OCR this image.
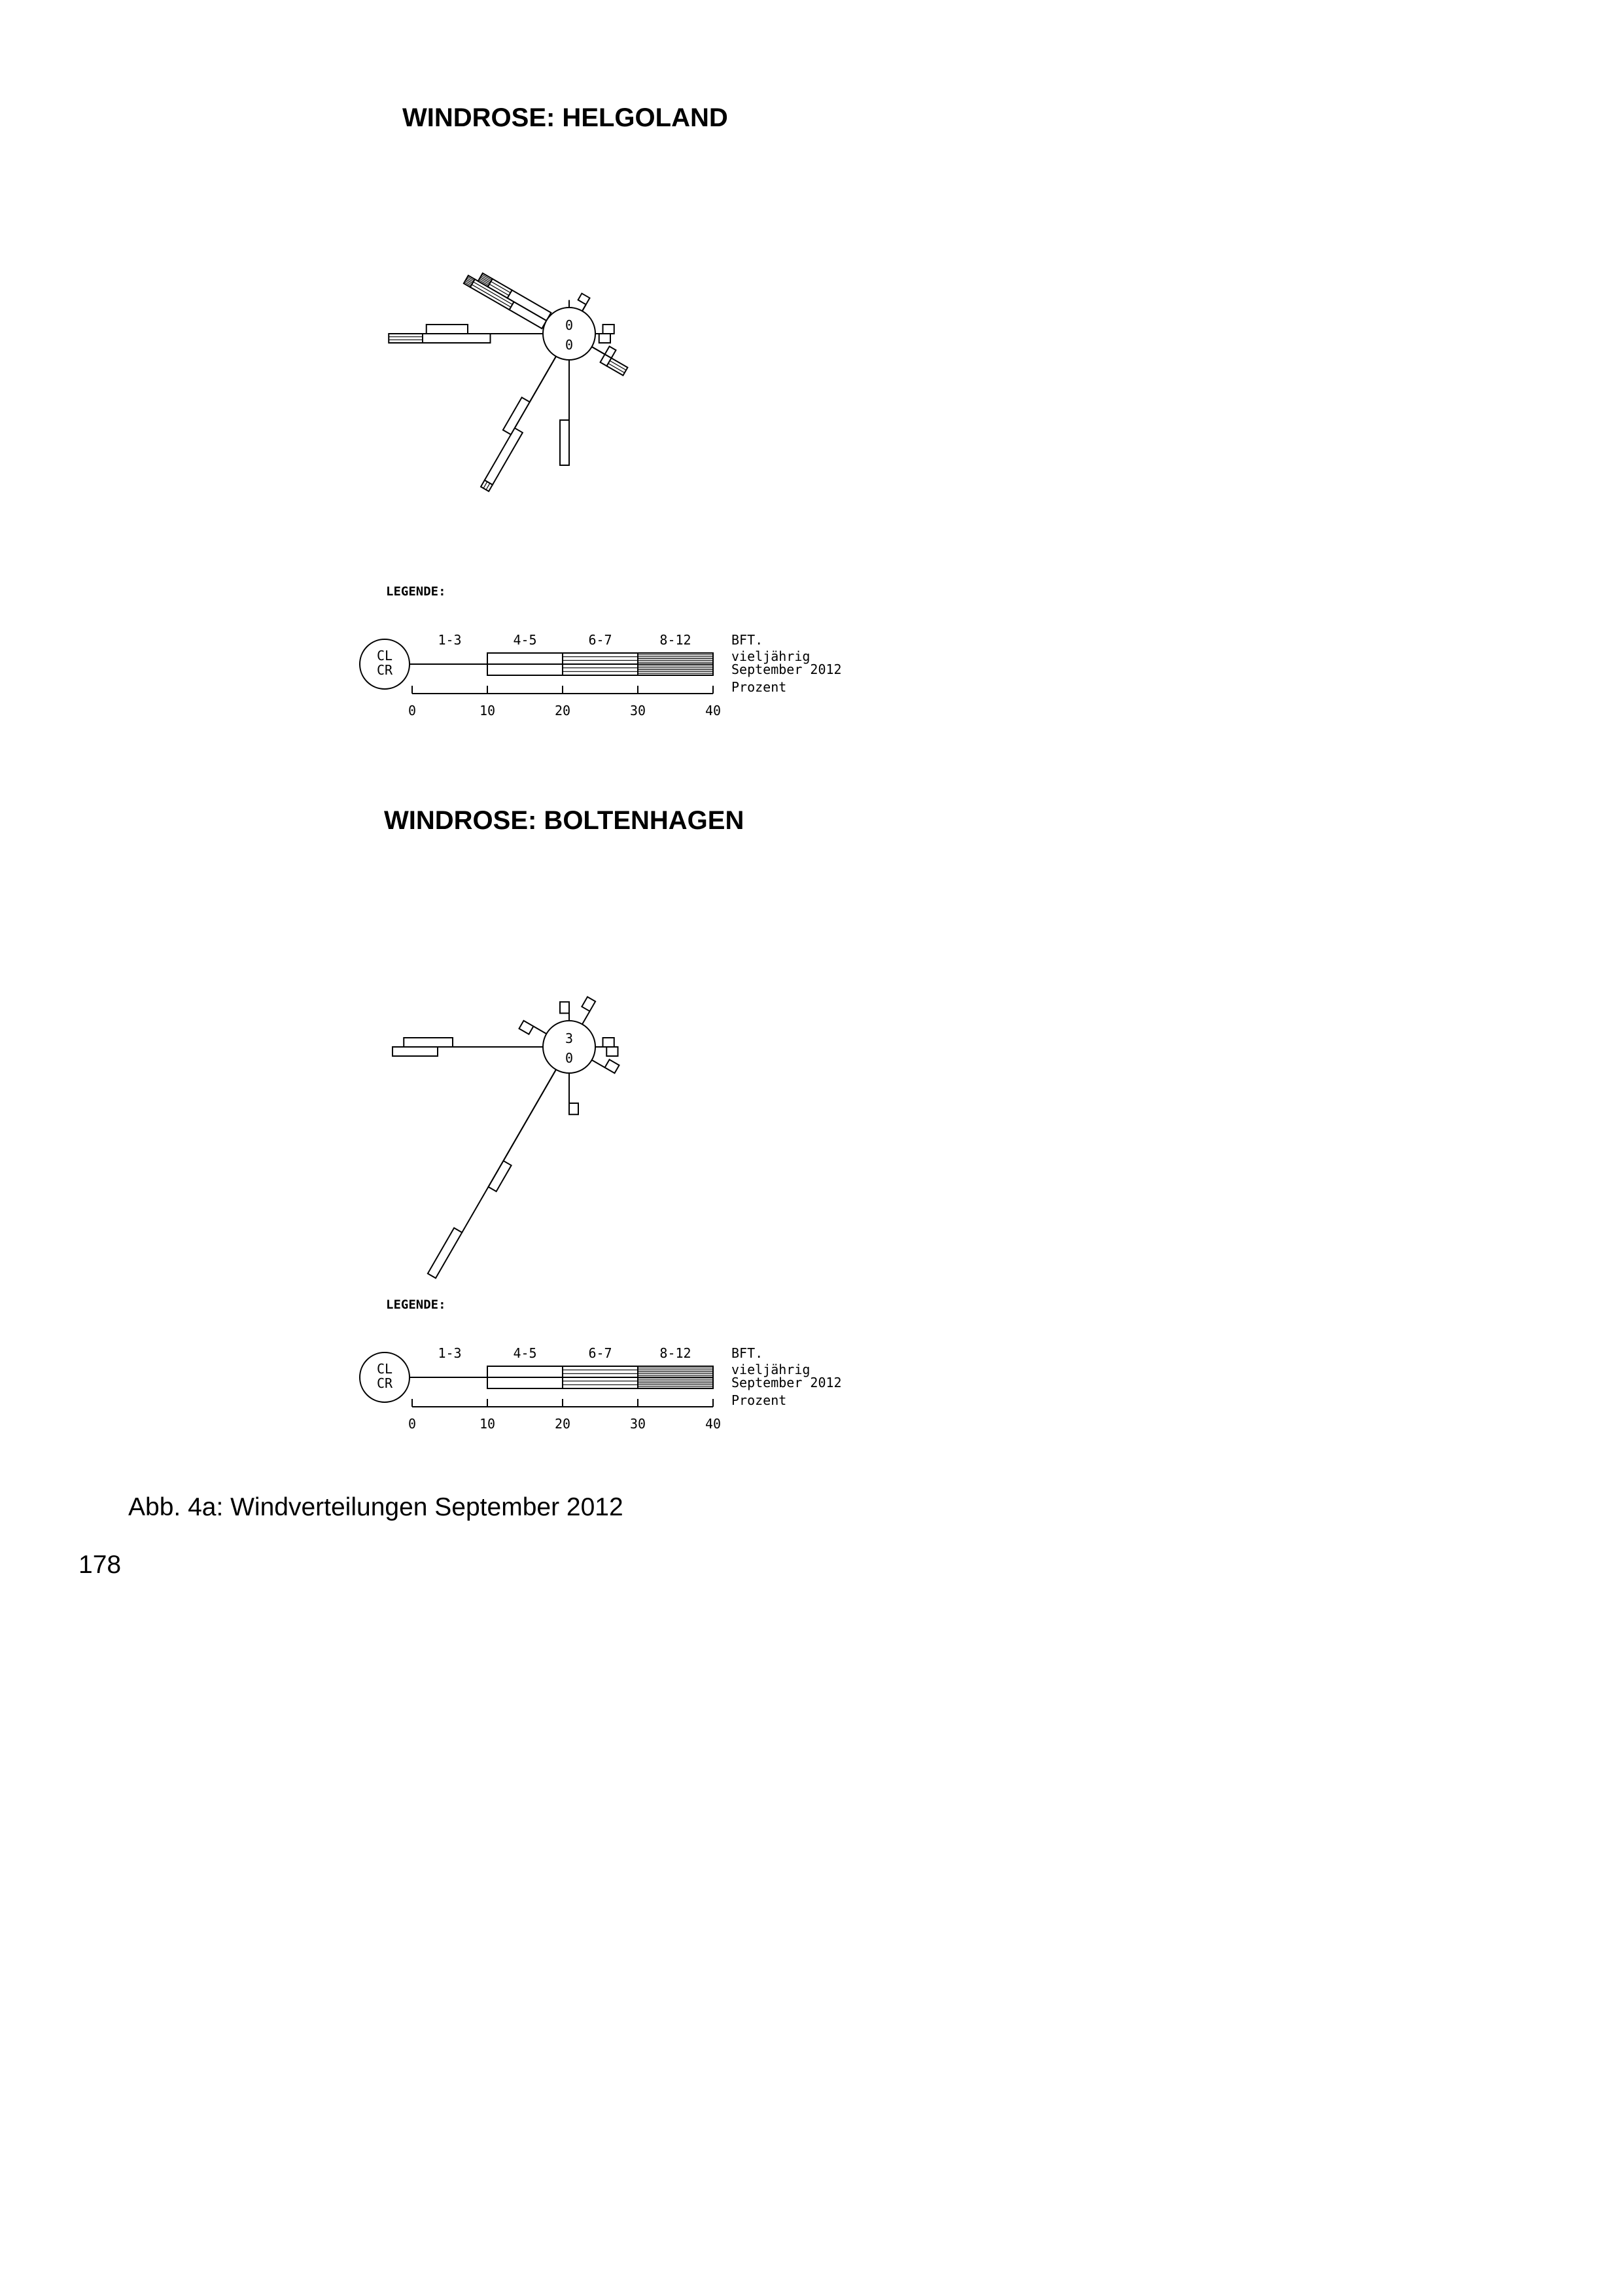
WINDROSE: HELGOLAND
0
0
LEGENDE:
CL
CR
1-3	4-5	6-7	8-12	BFT.
vieljährig
September 2012
0	10	20	30	40
Prozent
WINDROSE: BOLTENHAGEN
3
0
LEGENDE:
CL
CR
1-3	4-5	6-7	8-12	BFT.
vieljährig
September 2012
0	10	20	30	40
Prozent
Abb. 4a: Windverteilungen September 2012
178
